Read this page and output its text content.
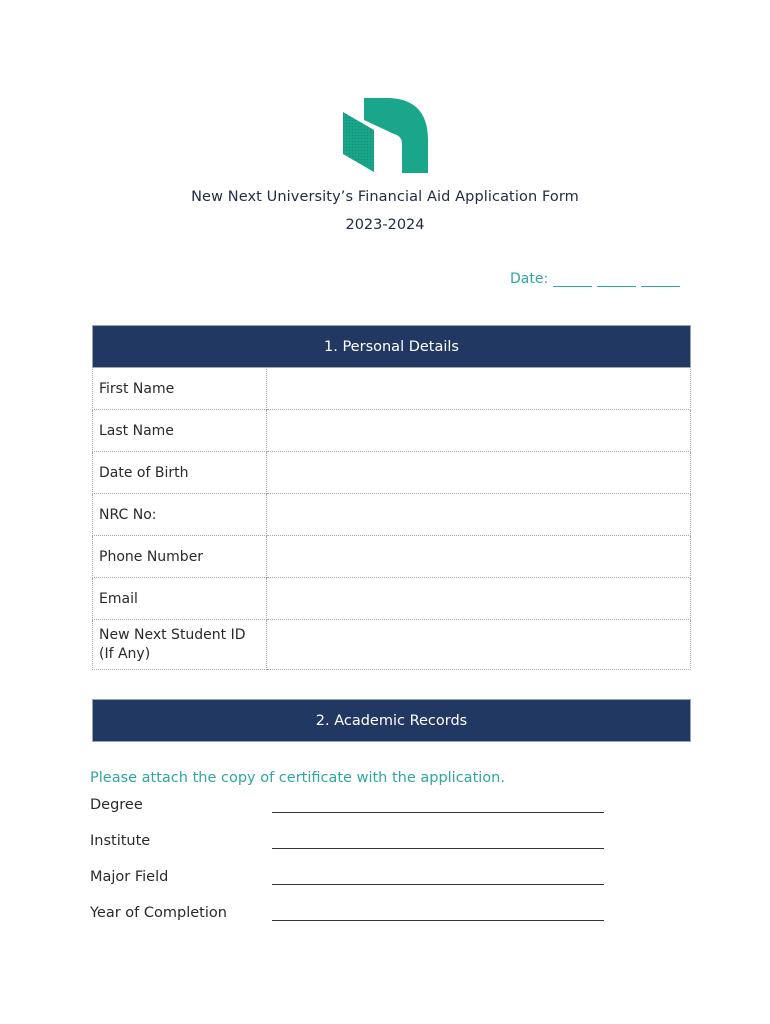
New Next University’s Financial Aid Application Form
2023-2024
Date:
1. Personal Details
First Name	
Last Name	
Date of Birth	
NRC No:	
Phone Number	
Email	
New Next Student ID (If Any)	
2. Academic Records
Please attach the copy of certificate with the application.
Degree
Institute
Major Field
Year of Completion
